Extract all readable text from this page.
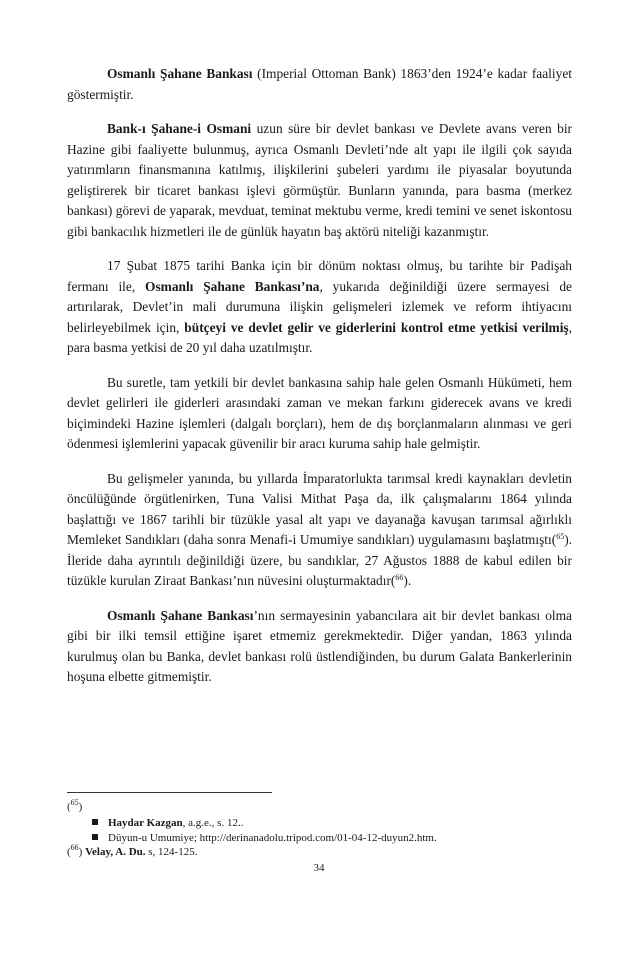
Osmanlı Şahane Bankası (Imperial Ottoman Bank) 1863’den 1924’e kadar faaliyet göstermiştir.

Bank-ı Şahane-i Osmani uzun süre bir devlet bankası ve Devlete avans veren bir Hazine gibi faaliyette bulunmuş, ayrıca Osmanlı Devleti’nde alt yapı ile ilgili çok sayıda yatırımların finansmanına katılmış, ilişkilerini şubeleri yardımı ile piyasalar boyutunda geliştirerek bir ticaret bankası işlevi görmüştür. Bunların yanında, para basma (merkez bankası) görevi de yaparak, mevduat, teminat mektubu verme, kredi temini ve senet iskontosu gibi bankacılık hizmetleri ile de günlük hayatın baş aktörü niteliği kazanmıştır.

17 Şubat 1875 tarihi Banka için bir dönüm noktası olmuş, bu tarihte bir Padişah fermanı ile, Osmanlı Şahane Bankası’na, yukarıda değinildiği üzere sermayesi de artırılarak, Devlet’in mali durumuna ilişkin gelişmeleri izlemek ve reform ihtiyacını belirleyebilmek için, bütçeyi ve devlet gelir ve giderlerini kontrol etme yetkisi verilmiş, para basma yetkisi de 20 yıl daha uzatılmıştır.

Bu suretle, tam yetkili bir devlet bankasına sahip hale gelen Osmanlı Hükümeti, hem devlet gelirleri ile giderleri arasındaki zaman ve mekan farkını giderecek avans ve kredi biçimindeki Hazine işlemleri (dalgalı borçları), hem de dış borçlanmaların alınması ve geri ödenmesi işlemlerini yapacak güvenilir bir aracı kuruma sahip hale gelmiştir.

Bu gelişmeler yanında, bu yıllarda İmparatorlukta tarımsal kredi kaynakları devletin öncülüğünde örgütlenirken, Tuna Valisi Mithat Paşa da, ilk çalışmalarını 1864 yılında başlattığı ve 1867 tarihli bir tüzükle yasal alt yapı ve dayanağa kavuşan tarımsal ağırlıklı Memleket Sandıkları (daha sonra Menafi-i Umumiye sandıkları) uygulamasını başlatmıştı($^{65}$). İleride daha ayrıntılı değinildiği üzere, bu sandıklar, 27 Ağustos 1888 de kabul edilen bir tüzükle kurulan Ziraat Bankası’nın nüvesini oluşturmaktadır($^{66}$).

Osmanlı Şahane Bankası’nın sermayesinin yabancılara ait bir devlet bankası olma gibi bir ilki temsil ettiğine işaret etmemiz gerekmektedir. Diğer yandan, 1863 yılında kurulmuş olan bu Banka, devlet bankası rolü üstlendiğinden, bu durum Galata Bankerlerinin hoşuna elbette gitmemiştir.

($^{65}$)
Haydar Kazgan, a.g.e., s. 12..
Düyun-u Umumiye; http://derinanadolu.tripod.com/01-04-12-duyun2.htm.
($^{66}$) Velay, A. Du. s, 124-125.
34
